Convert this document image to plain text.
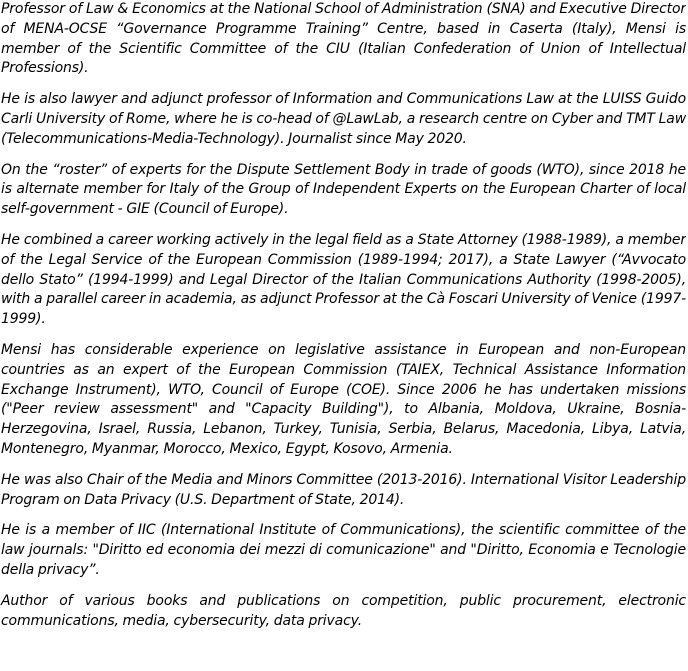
Professor of Law & Economics at the National School of Administration (SNA) and Executive Director of MENA-OCSE “Governance Programme Training” Centre, based in Caserta (Italy), Mensi is member of the Scientific Committee of the CIU (Italian Confederation of Union of Intellectual Professions).

He is also lawyer and adjunct professor of Information and Communications Law at the LUISS Guido Carli University of Rome, where he is co-head of @LawLab, a research centre on Cyber and TMT Law (Telecommunications-Media-Technology). Journalist since May 2020.

On the “roster” of experts for the Dispute Settlement Body in trade of goods (WTO), since 2018 he is alternate member for Italy of the Group of Independent Experts on the European Charter of local self-government - GIE (Council of Europe).

He combined a career working actively in the legal field as a State Attorney (1988-1989), a member of the Legal Service of the European Commission (1989-1994; 2017), a State Lawyer (“Avvocato dello Stato” (1994-1999) and Legal Director of the Italian Communications Authority (1998-2005), with a parallel career in academia, as adjunct Professor at the Cà Foscari University of Venice (1997-1999).

Mensi has considerable experience on legislative assistance in European and non-European countries as an expert of the European Commission (TAIEX, Technical Assistance Information Exchange Instrument), WTO, Council of Europe (COE). Since 2006 he has undertaken missions ("Peer review assessment" and "Capacity Building"), to Albania, Moldova, Ukraine, Bosnia-Herzegovina, Israel, Russia, Lebanon, Turkey, Tunisia, Serbia, Belarus, Macedonia, Libya, Latvia, Montenegro, Myanmar, Morocco, Mexico, Egypt, Kosovo, Armenia.

He was also Chair of the Media and Minors Committee (2013-2016). International Visitor Leadership Program on Data Privacy (U.S. Department of State, 2014).

He is a member of IIC (International Institute of Communications), the scientific committee of the law journals: "Diritto ed economia dei mezzi di comunicazione" and "Diritto, Economia e Tecnologie della privacy”.

Author of various books and publications on competition, public procurement, electronic communications, media, cybersecurity, data privacy.
